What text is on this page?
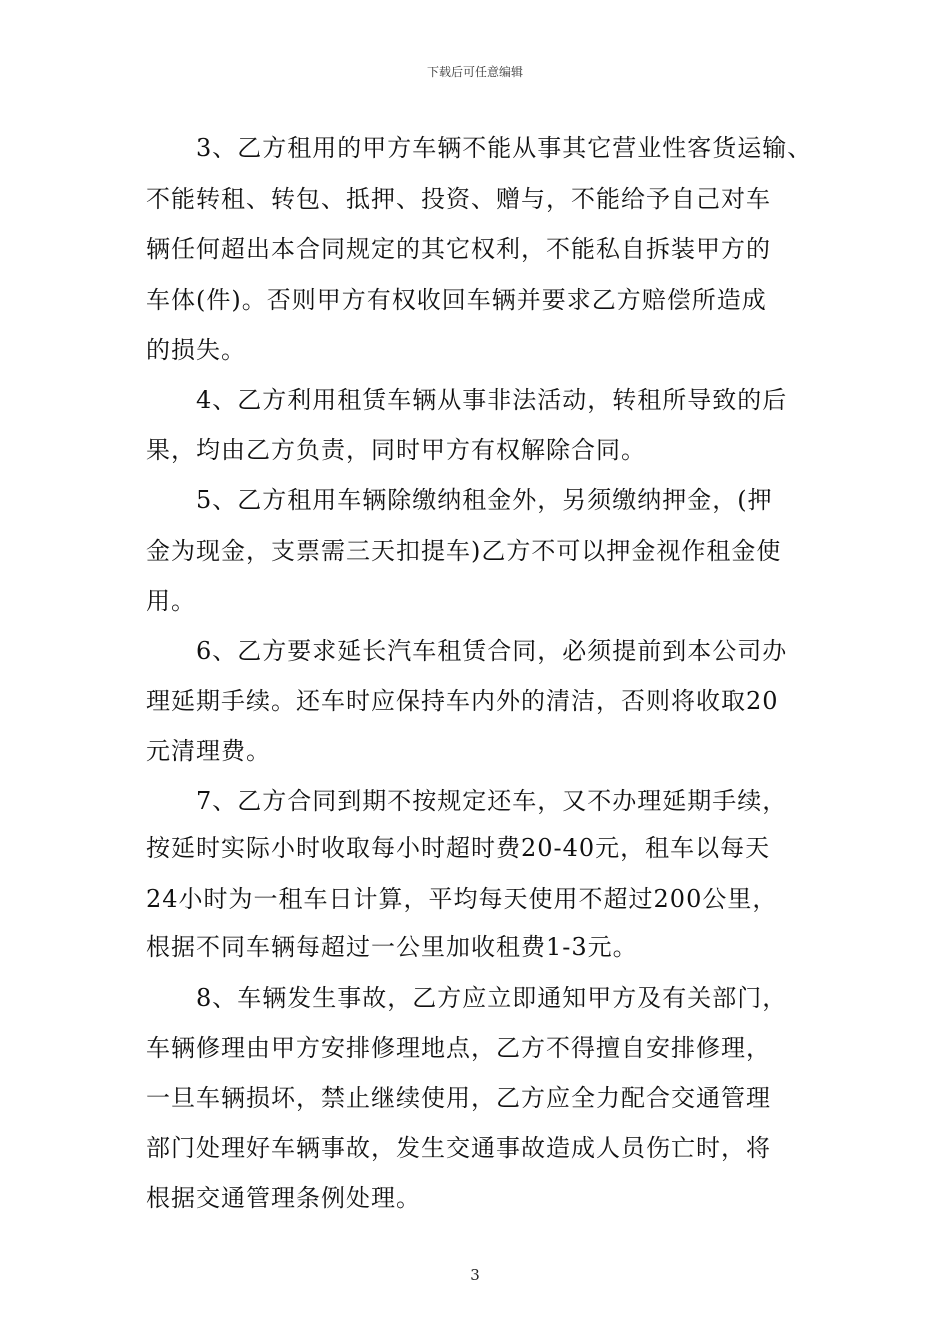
下载后可任意编辑
3、乙方租用的甲方车辆不能从事其它营业性客货运输、
不能转租、转包、抵押、投资、赠与，不能给予自己对车
辆任何超出本合同规定的其它权利，不能私自拆装甲方的
车体(件)。否则甲方有权收回车辆并要求乙方赔偿所造成
的损失。
4、乙方利用租赁车辆从事非法活动，转租所导致的后
果，均由乙方负责，同时甲方有权解除合同。
5、乙方租用车辆除缴纳租金外，另须缴纳押金，(押
金为现金，支票需三天扣提车)乙方不可以押金视作租金使
用。
6、乙方要求延长汽车租赁合同，必须提前到本公司办
理延期手续。还车时应保持车内外的清洁，否则将收取20
元清理费。
7、乙方合同到期不按规定还车，又不办理延期手续，
按延时实际小时收取每小时超时费20-40元，租车以每天
24小时为一租车日计算，平均每天使用不超过200公里，
根据不同车辆每超过一公里加收租费1-3元。
8、车辆发生事故，乙方应立即通知甲方及有关部门，
车辆修理由甲方安排修理地点，乙方不得擅自安排修理，
一旦车辆损坏，禁止继续使用，乙方应全力配合交通管理
部门处理好车辆事故，发生交通事故造成人员伤亡时，将
根据交通管理条例处理。
3
